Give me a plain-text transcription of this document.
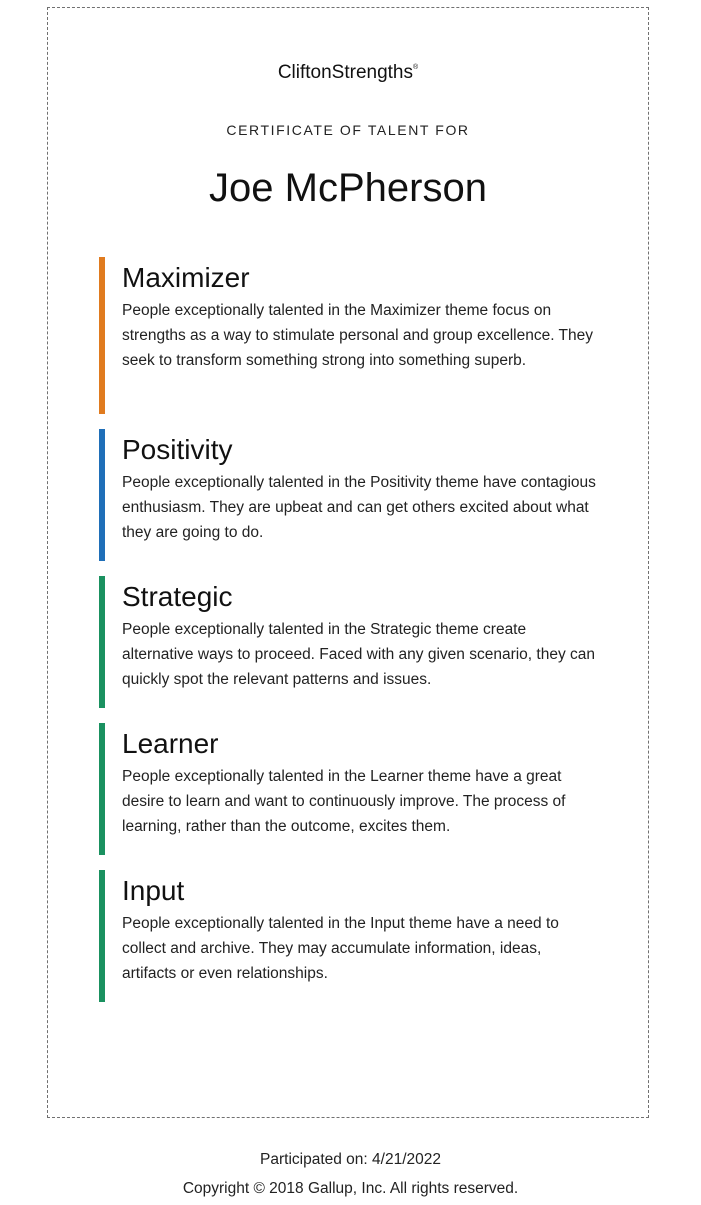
CliftonStrengths®
CERTIFICATE OF TALENT FOR
Joe McPherson
Maximizer
People exceptionally talented in the Maximizer theme focus on strengths as a way to stimulate personal and group excellence. They seek to transform something strong into something superb.
Positivity
People exceptionally talented in the Positivity theme have contagious enthusiasm. They are upbeat and can get others excited about what they are going to do.
Strategic
People exceptionally talented in the Strategic theme create alternative ways to proceed. Faced with any given scenario, they can quickly spot the relevant patterns and issues.
Learner
People exceptionally talented in the Learner theme have a great desire to learn and want to continuously improve. The process of learning, rather than the outcome, excites them.
Input
People exceptionally talented in the Input theme have a need to collect and archive. They may accumulate information, ideas, artifacts or even relationships.
Participated on: 4/21/2022
Copyright © 2018 Gallup, Inc. All rights reserved.
